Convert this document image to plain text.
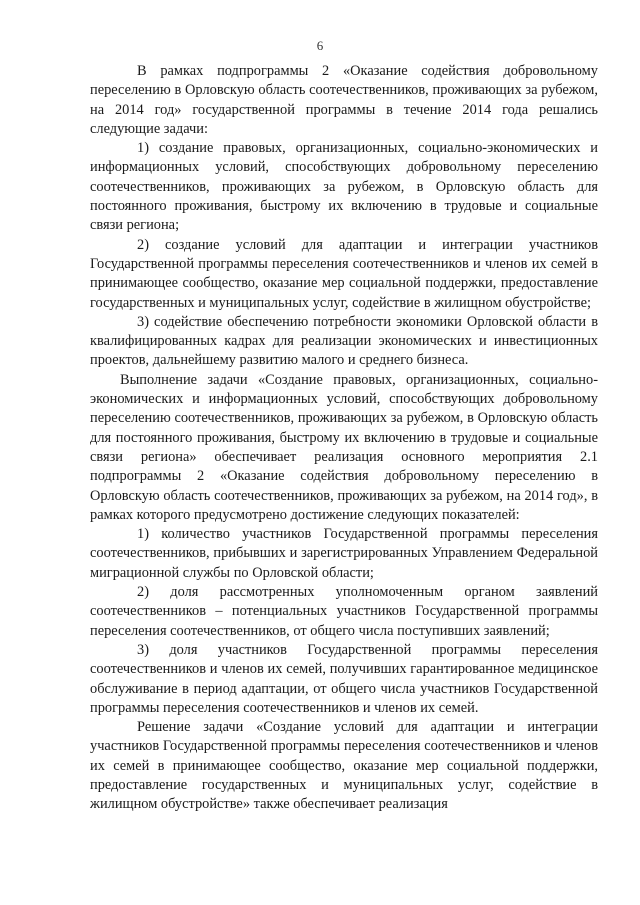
6

В рамках подпрограммы 2 «Оказание содействия добровольному переселению в Орловскую область соотечественников, проживающих за рубежом, на 2014 год» государственной программы в течение 2014 года решались следующие задачи:

1) создание правовых, организационных, социально-экономических и информационных условий, способствующих добровольному переселению соотечественников, проживающих за рубежом, в Орловскую область для постоянного проживания, быстрому их включению в трудовые и социальные связи региона;

2) создание условий для адаптации и интеграции участников Государственной программы переселения соотечественников и членов их семей в принимающее сообщество, оказание мер социальной поддержки, предоставление государственных и муниципальных услуг, содействие в жилищном обустройстве;

3) содействие обеспечению потребности экономики Орловской области в квалифицированных кадрах для реализации экономических и инвестиционных проектов, дальнейшему развитию малого и среднего бизнеса.

Выполнение задачи «Создание правовых, организационных, социально-экономических и информационных условий, способствующих добровольному переселению соотечественников, проживающих за рубежом, в Орловскую область для постоянного проживания, быстрому их включению в трудовые и социальные связи региона» обеспечивает реализация основного мероприятия 2.1 подпрограммы 2 «Оказание содействия добровольному переселению в Орловскую область соотечественников, проживающих за рубежом, на 2014 год», в рамках которого предусмотрено достижение следующих показателей:

1) количество участников Государственной программы переселения соотечественников, прибывших и зарегистрированных Управлением Федеральной миграционной службы по Орловской области;

2) доля рассмотренных уполномоченным органом заявлений соотечественников – потенциальных участников Государственной программы переселения соотечественников, от общего числа поступивших заявлений;

3) доля участников Государственной программы переселения соотечественников и членов их семей, получивших гарантированное медицинское обслуживание в период адаптации, от общего числа участников Государственной программы переселения соотечественников и членов их семей.

Решение задачи «Создание условий для адаптации и интеграции участников Государственной программы переселения соотечественников и членов их семей в принимающее сообщество, оказание мер социальной поддержки, предоставление государственных и муниципальных услуг, содействие в жилищном обустройстве» также обеспечивает реализация
